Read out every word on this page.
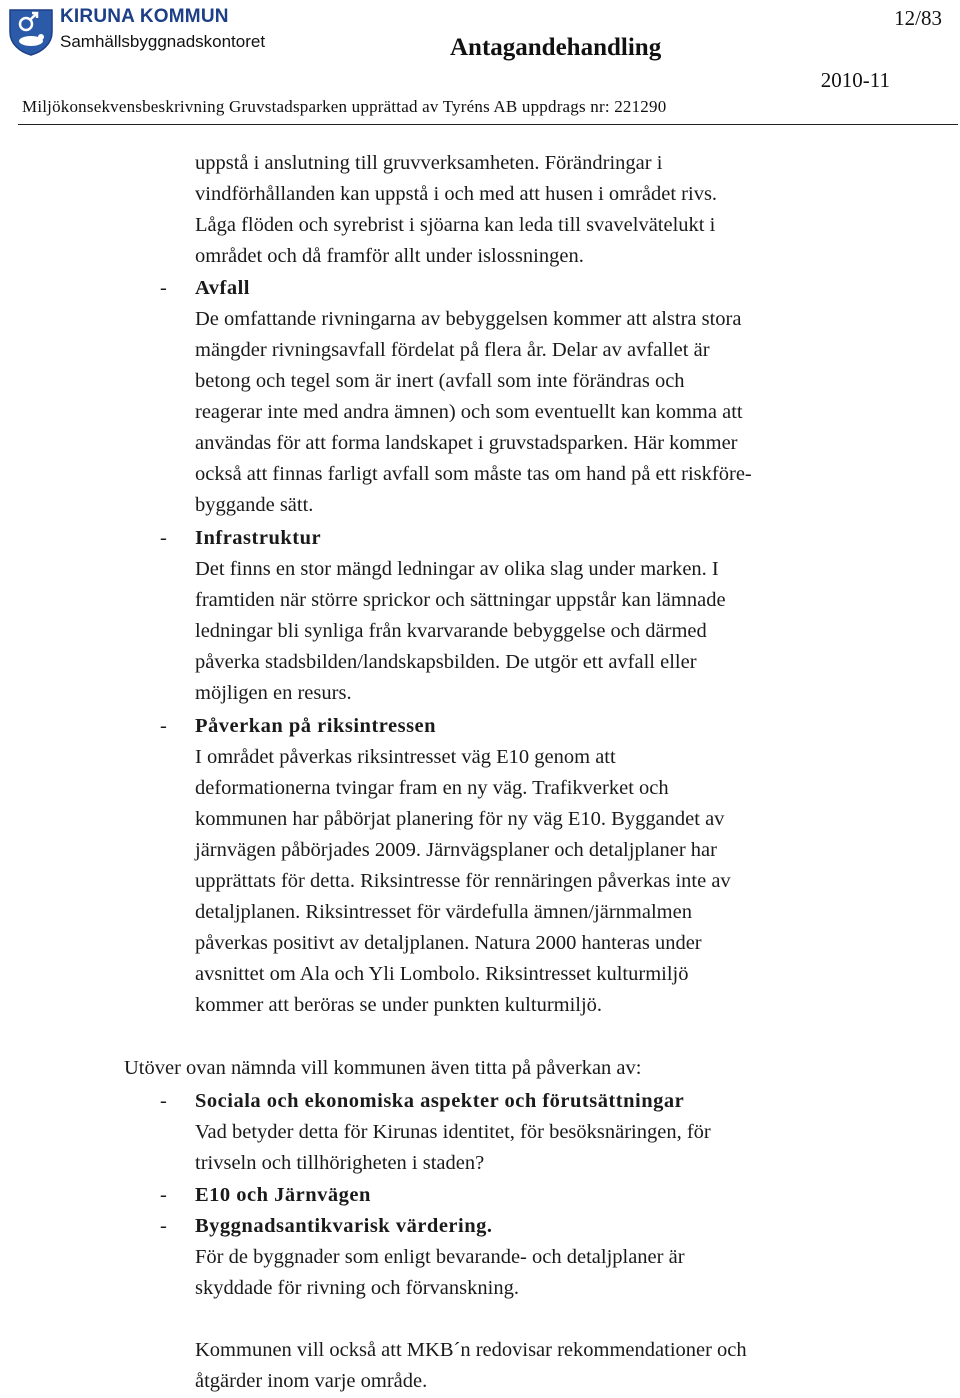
KIRUNA KOMMUN
Samhällsbyggnadskontoret	Antagandehandling
12/83
2010-11
Miljökonsekvensbeskrivning Gruvstadsparken upprättad av Tyréns AB uppdrags nr: 221290
uppstå i anslutning till gruvverksamheten. Förändringar i
vindförhållanden kan uppstå i och med att husen i området rivs.
Låga flöden och syrebrist i sjöarna kan leda till svavelvätelukt i
området och då framför allt under islossningen.
- Avfall
De omfattande rivningarna av bebyggelsen kommer att alstra stora
mängder rivningsavfall fördelat på flera år. Delar av avfallet är
betong och tegel som är inert (avfall som inte förändras och
reagerar inte med andra ämnen) och som eventuellt kan komma att
användas för att forma landskapet i gruvstadsparken. Här kommer
också att finnas farligt avfall som måste tas om hand på ett riskföre-
byggande sätt.
- Infrastruktur
Det finns en stor mängd ledningar av olika slag under marken. I
framtiden när större sprickor och sättningar uppstår kan lämnade
ledningar bli synliga från kvarvarande bebyggelse och därmed
påverka stadsbilden/landskapsbilden. De utgör ett avfall eller
möjligen en resurs.
- Påverkan på riksintressen
I området påverkas riksintresset väg E10 genom att
deformationerna tvingar fram en ny väg. Trafikverket och
kommunen har påbörjat planering för ny väg E10. Byggandet av
järnvägen påbörjades 2009. Järnvägsplaner och detaljplaner har
upprättats för detta. Riksintresse för rennäringen påverkas inte av
detaljplanen. Riksintresset för värdefulla ämnen/järnmalmen
påverkas positivt av detaljplanen. Natura 2000 hanteras under
avsnittet om Ala och Yli Lombolo. Riksintresset kulturmiljö
kommer att beröras se under punkten kulturmiljö.
Utöver ovan nämnda vill kommunen även titta på påverkan av:
- Sociala och ekonomiska aspekter och förutsättningar
Vad betyder detta för Kirunas identitet, för besöksnäringen, för
trivseln och tillhörigheten i staden?
- E10 och Järnvägen
- Byggnadsantikvarisk värdering.
För de byggnader som enligt bevarande- och detaljplaner är
skyddade för rivning och förvanskning.
Kommunen vill också att MKB´n redovisar rekommendationer och
åtgärder inom varje område.
